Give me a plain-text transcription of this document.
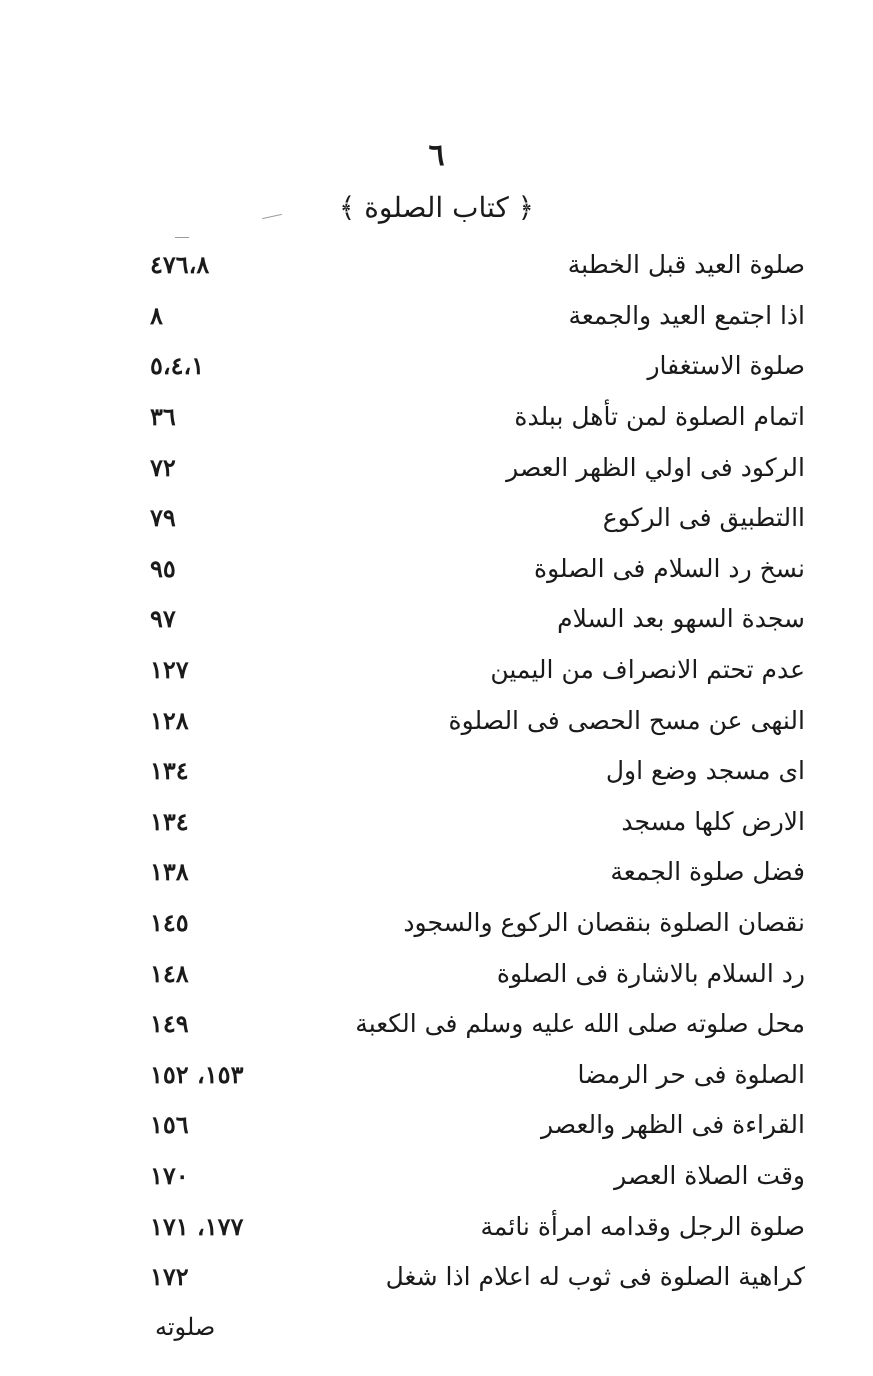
٦
﴿ كتاب الصلوة ﴾
صلوة العيد قبل الخطبة
٤٧٦،٨
اذا اجتمع العيد والجمعة
٨
صلوة الاستغفار
٥،٤،١
اتمام الصلوة لمن تأهل ببلدة
٣٦
الركود فى اولي الظهر العصر
٧٢
االتطبيق فى الركوع
٧٩
نسخ رد السلام فى الصلوة
٩٥
سجدة السهو بعد السلام
٩٧
عدم تحتم الانصراف من اليمين
١٢٧
النهى عن مسح الحصى فى الصلوة
١٢٨
اى مسجد وضع اول
١٣٤
الارض كلها مسجد
١٣٤
فضل صلوة الجمعة
١٣٨
نقصان الصلوة بنقصان الركوع والسجود
١٤٥
رد السلام بالاشارة فى الصلوة
١٤٨
محل صلوته صلى الله عليه وسلم فى الكعبة
١٤٩
الصلوة فى حر الرمضا
١٥٣، ١٥٢
القراءة فى الظهر والعصر
١٥٦
وقت الصلاة العصر
١٧٠
صلوة الرجل وقدامه امرأة نائمة
١٧٧، ١٧١
كراهية الصلوة فى ثوب له اعلام اذا شغل
١٧٢
صلوته
